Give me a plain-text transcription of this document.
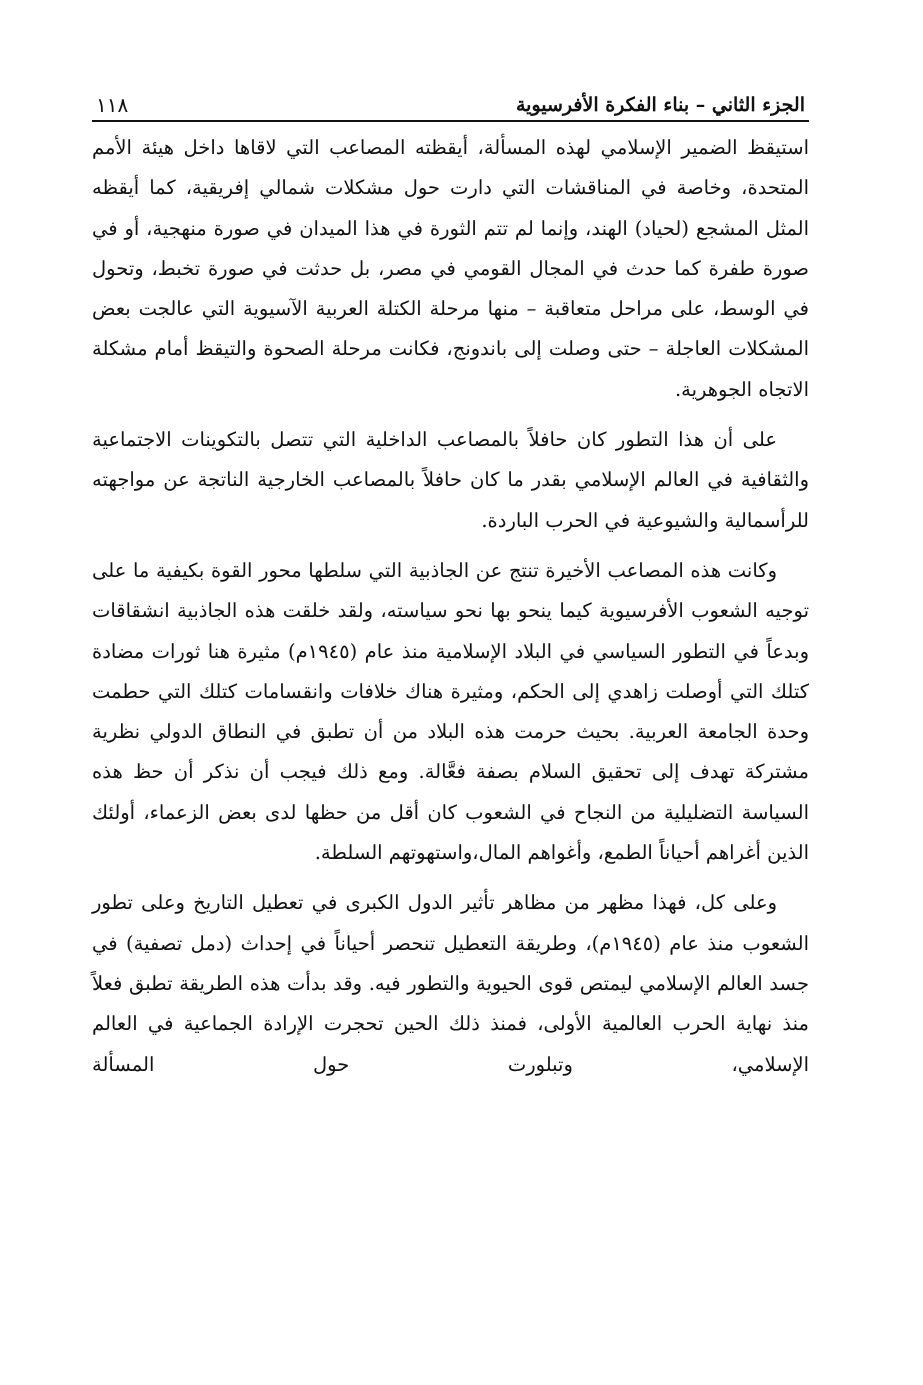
الجزء الثاني – بناء الفكرة الأفرسيوية
١١٨

استيقظ الضمير الإسلامي لهذه المسألة، أيقظته المصاعب التي لاقاها داخل هيئة الأمم المتحدة، وخاصة في المناقشات التي دارت حول مشكلات شمالي إفريقية، كما أيقظه المثل المشجع (لحياد) الهند، وإنما لم تتم الثورة في هذا الميدان في صورة منهجية، أو في صورة طفرة كما حدث في المجال القومي في مصر، بل حدثت في صورة تخبط، وتحول في الوسط، على مراحل متعاقبة – منها مرحلة الكتلة العربية الآسيوية التي عالجت بعض المشكلات العاجلة – حتى وصلت إلى باندونج، فكانت مرحلة الصحوة والتيقظ أمام مشكلة الاتجاه الجوهرية.

على أن هذا التطور كان حافلاً بالمصاعب الداخلية التي تتصل بالتكوينات الاجتماعية والثقافية في العالم الإسلامي بقدر ما كان حافلاً بالمصاعب الخارجية الناتجة عن مواجهته للرأسمالية والشيوعية في الحرب الباردة.

وكانت هذه المصاعب الأخيرة تنتج عن الجاذبية التي سلطها محور القوة بكيفية ما على توجيه الشعوب الأفرسيوية كيما ينحو بها نحو سياسته، ولقد خلقت هذه الجاذبية انشقاقات وبدعاً في التطور السياسي في البلاد الإسلامية منذ عام (١٩٤٥م) مثيرة هنا ثورات مضادة كتلك التي أوصلت زاهدي إلى الحكم، ومثيرة هناك خلافات وانقسامات كتلك التي حطمت وحدة الجامعة العربية. بحيث حرمت هذه البلاد من أن تطبق في النطاق الدولي نظرية مشتركة تهدف إلى تحقيق السلام بصفة فعَّالة. ومع ذلك فيجب أن نذكر أن حظ هذه السياسة التضليلية من النجاح في الشعوب كان أقل من حظها لدى بعض الزعماء، أولئك الذين أغراهم أحياناً الطمع، وأغواهم المال،واستهوتهم السلطة.

وعلى كل، فهذا مظهر من مظاهر تأثير الدول الكبرى في تعطيل التاريخ وعلى تطور الشعوب منذ عام (١٩٤٥م)، وطريقة التعطيل تنحصر أحياناً في إحداث (دمل تصفية) في جسد العالم الإسلامي ليمتص قوى الحيوية والتطور فيه. وقد بدأت هذه الطريقة تطبق فعلاً منذ نهاية الحرب العالمية الأولى، فمنذ ذلك الحين تحجرت الإرادة الجماعية في العالم الإسلامي، وتبلورت حول المسألة
